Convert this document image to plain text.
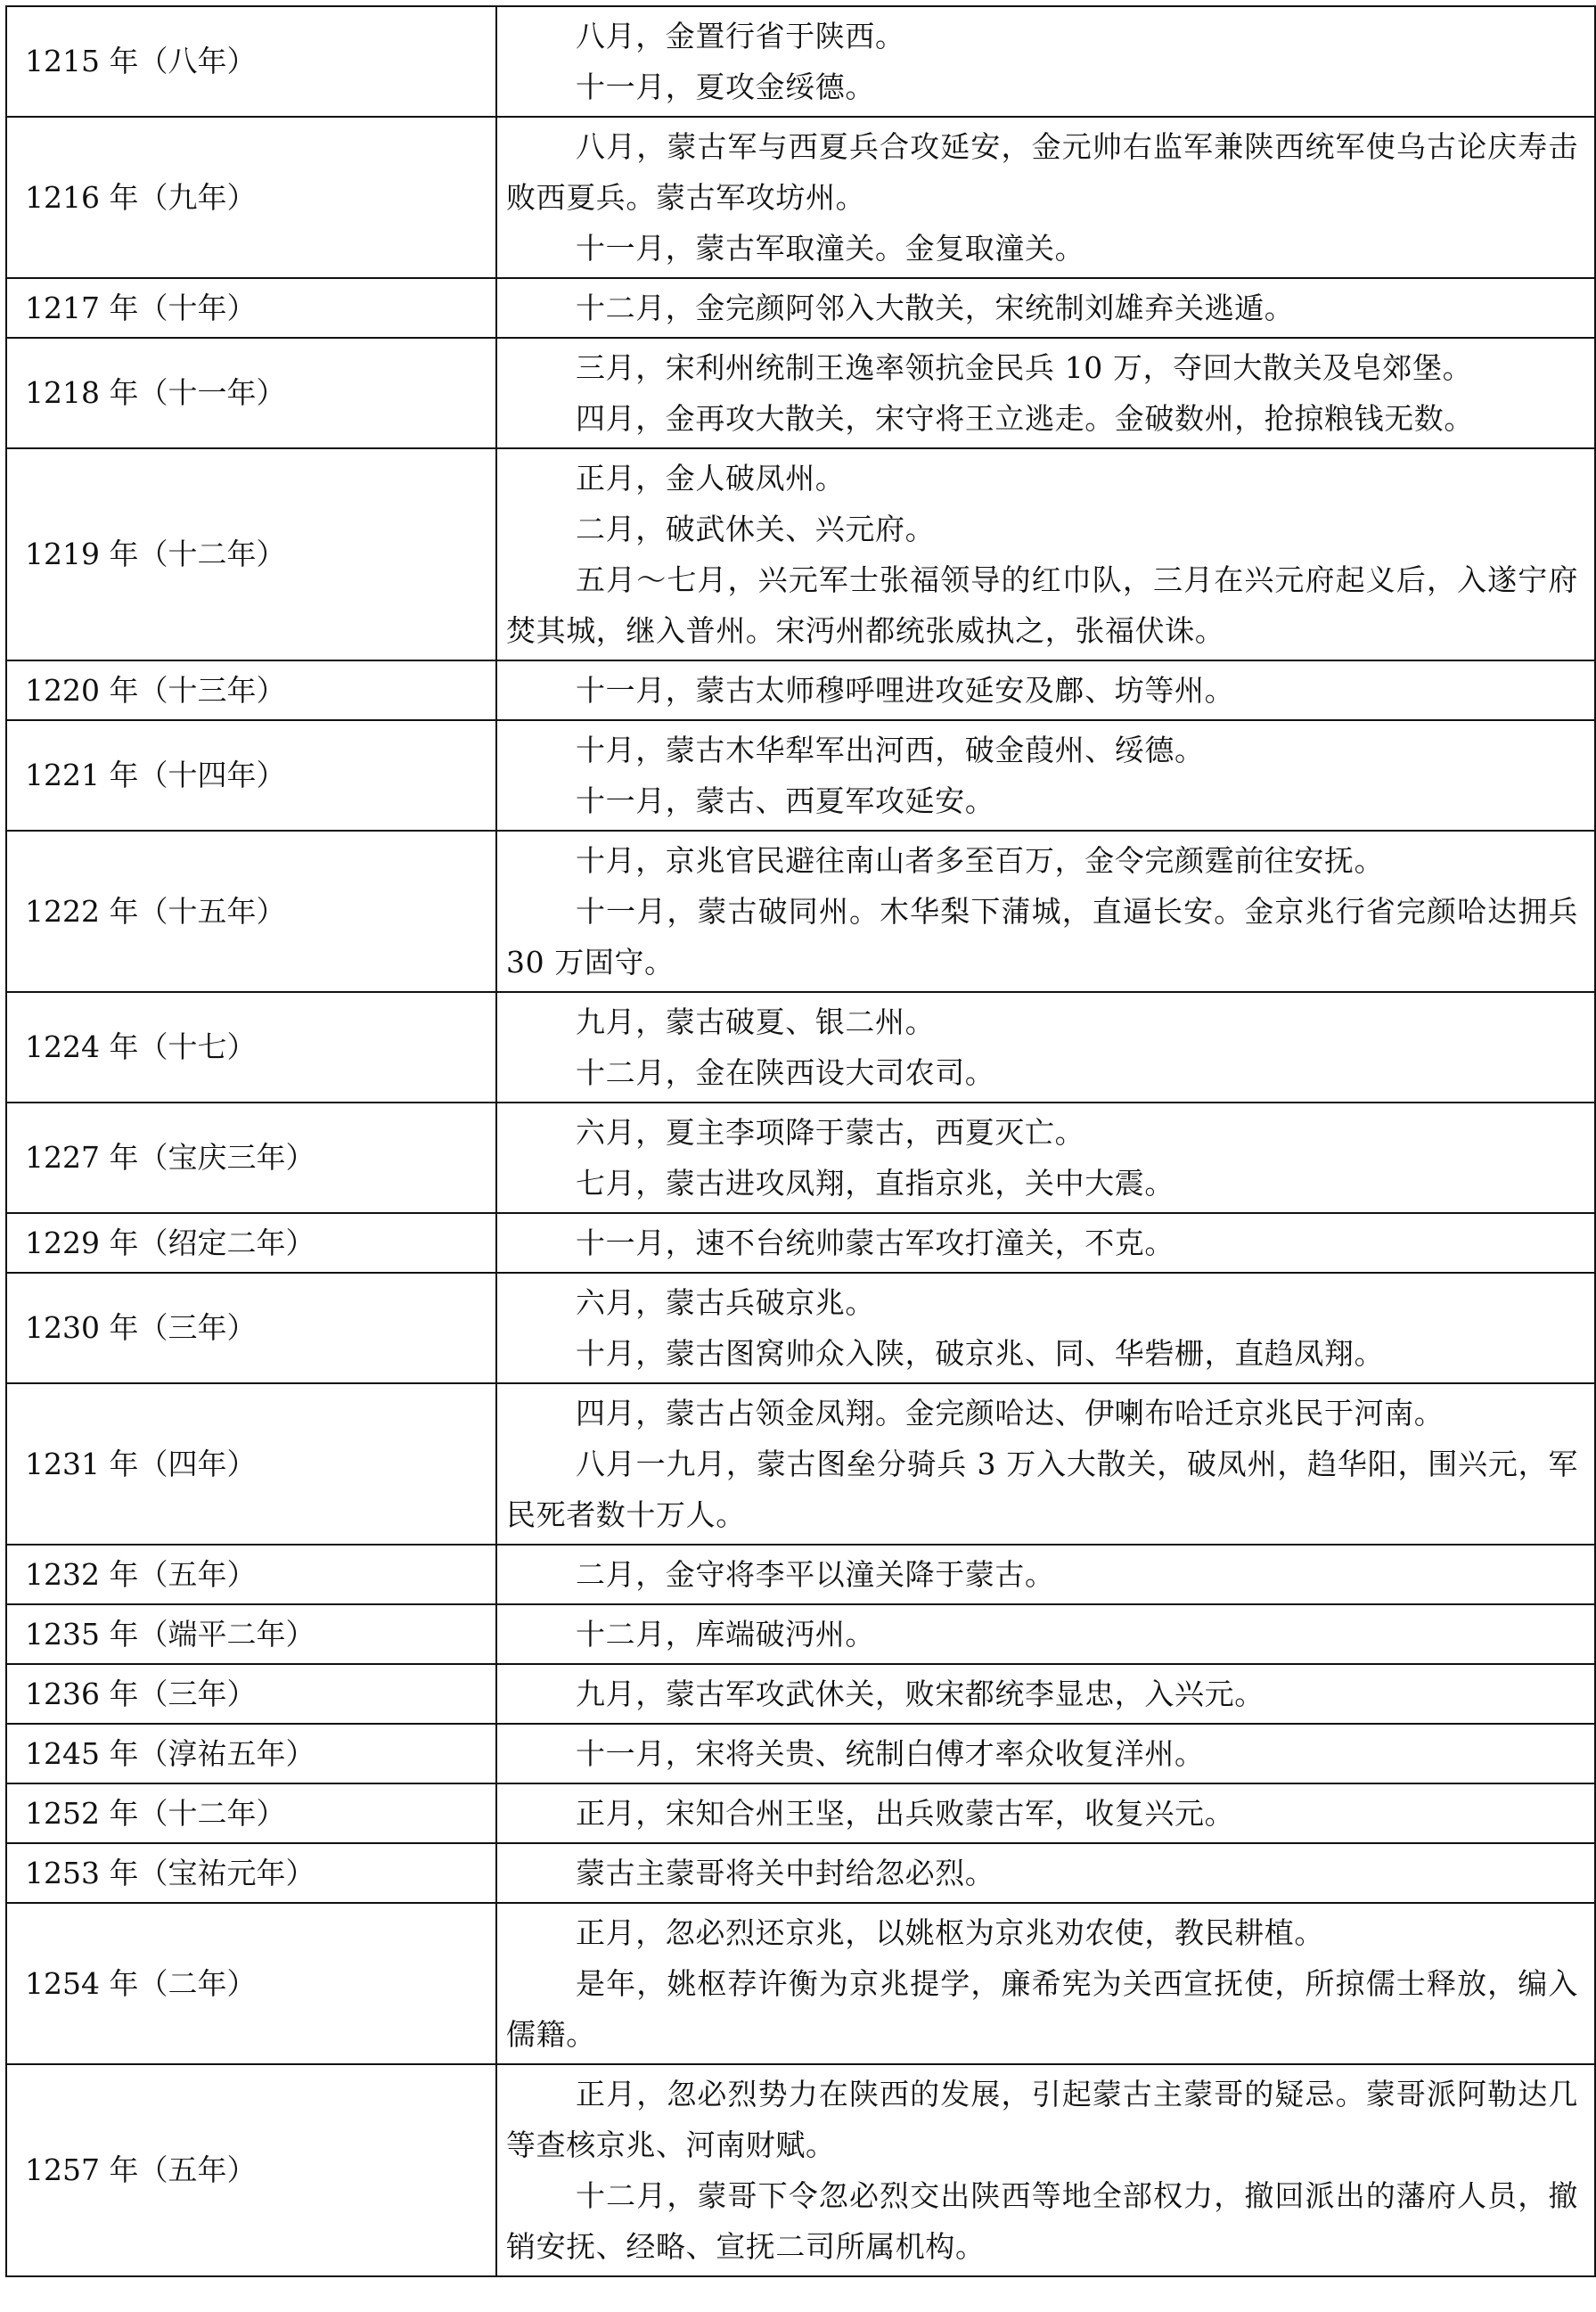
1215 年（八年）	八月，金置行省于陕西。

十一月，夏攻金绥德。

1216 年（九年）	八月，蒙古军与西夏兵合攻延安，金元帅右监军兼陕西统军使乌古论庆寿击败西夏兵。蒙古军攻坊州。

十一月，蒙古军取潼关。金复取潼关。

1217 年（十年）	十二月，金完颜阿邻入大散关，宋统制刘雄弃关逃遁。

1218 年（十一年）	三月，宋利州统制王逸率领抗金民兵 10 万，夺回大散关及皂郊堡。

四月，金再攻大散关，宋守将王立逃走。金破数州，抢掠粮钱无数。

1219 年（十二年）	正月，金人破凤州。

二月，破武休关、兴元府。

五月～七月，兴元军士张福领导的红巾队，三月在兴元府起义后，入遂宁府焚其城，继入普州。宋沔州都统张威执之，张福伏诛。

1220 年（十三年）	十一月，蒙古太师穆呼哩进攻延安及鄜、坊等州。

1221 年（十四年）	十月，蒙古木华犁军出河西，破金葭州、绥德。

十一月，蒙古、西夏军攻延安。

1222 年（十五年）	十月，京兆官民避往南山者多至百万，金令完颜霆前往安抚。

十一月，蒙古破同州。木华梨下蒲城，直逼长安。金京兆行省完颜哈达拥兵 30 万固守。

1224 年（十七）	九月，蒙古破夏、银二州。

十二月，金在陕西设大司农司。

1227 年（宝庆三年）	六月，夏主李项降于蒙古，西夏灭亡。

七月，蒙古进攻凤翔，直指京兆，关中大震。

1229 年（绍定二年）	十一月，速不台统帅蒙古军攻打潼关，不克。

1230 年（三年）	六月，蒙古兵破京兆。

十月，蒙古图窝帅众入陕，破京兆、同、华砦栅，直趋凤翔。

1231 年（四年）	四月，蒙古占领金凤翔。金完颜哈达、伊喇布哈迁京兆民于河南。

八月一九月，蒙古图垒分骑兵 3 万入大散关，破凤州，趋华阳，围兴元，军民死者数十万人。

1232 年（五年）	二月，金守将李平以潼关降于蒙古。

1235 年（端平二年）	十二月，库端破沔州。

1236 年（三年）	九月，蒙古军攻武休关，败宋都统李显忠，入兴元。

1245 年（淳祐五年）	十一月，宋将关贵、统制白傅才率众收复洋州。

1252 年（十二年）	正月，宋知合州王坚，出兵败蒙古军，收复兴元。

1253 年（宝祐元年）	蒙古主蒙哥将关中封给忽必烈。

1254 年（二年）	正月，忽必烈还京兆，以姚枢为京兆劝农使，教民耕植。

是年，姚枢荐许衡为京兆提学，廉希宪为关西宣抚使，所掠儒士释放，编入儒籍。

1257 年（五年）	正月，忽必烈势力在陕西的发展，引起蒙古主蒙哥的疑忌。蒙哥派阿勒达几等查核京兆、河南财赋。

十二月，蒙哥下令忽必烈交出陕西等地全部权力，撤回派出的藩府人员，撤销安抚、经略、宣抚二司所属机构。
